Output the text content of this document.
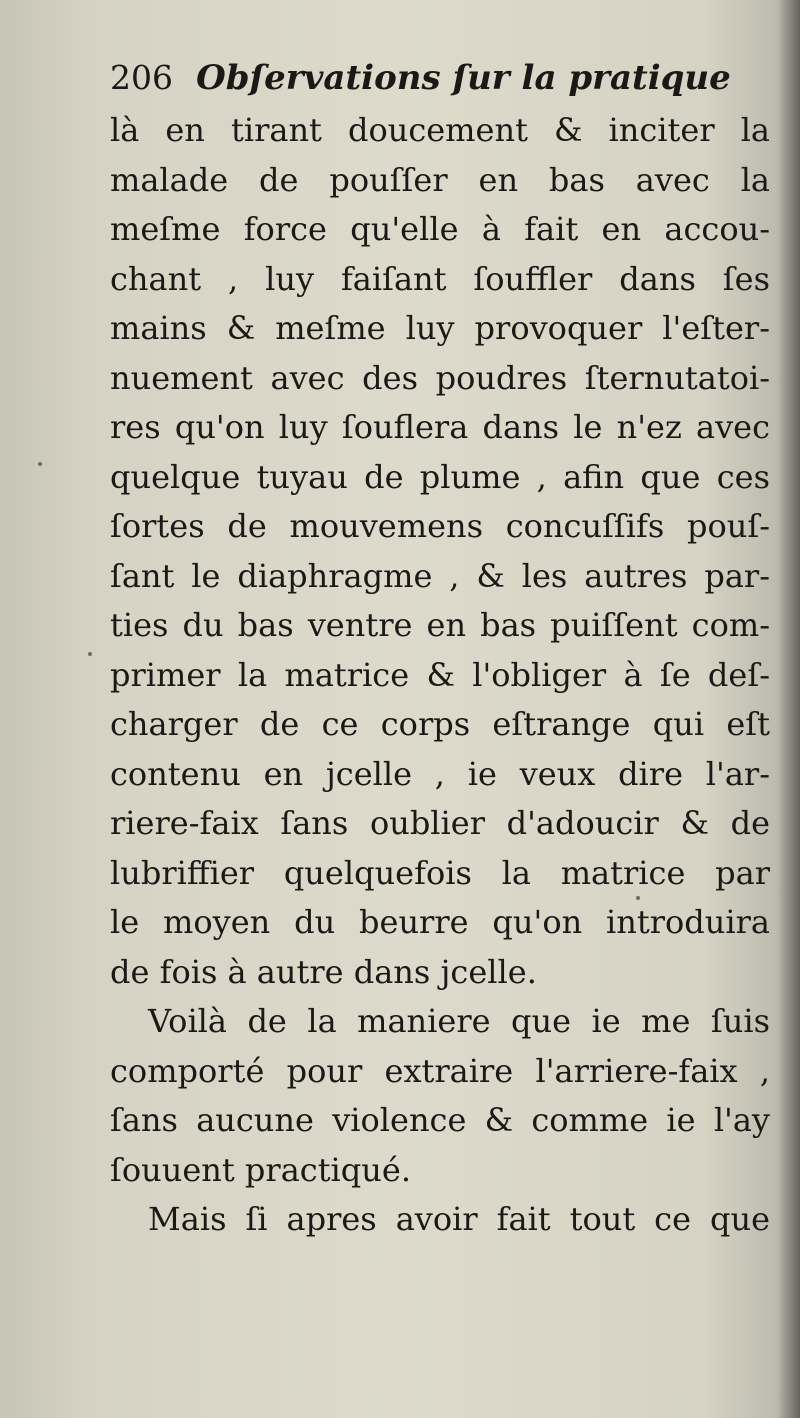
206 Obſervations ſur la pratique
là en tirant doucement & inciter la
malade de pouſſer en bas avec la
meſme force qu'elle à fait en accou-
chant , luy faiſant ſouffler dans ſes
mains & meſme luy provoquer l'eſter-
nuement avec des poudres ſternutatoi-
res qu'on luy ſouflera dans le n'ez avec
quelque tuyau de plume , afin que ces
ſortes de mouvemens concuſſifs pouſ-
ſant le diaphragme , & les autres par-
ties du bas ventre en bas puiſſent com-
primer la matrice & l'obliger à ſe deſ-
charger de ce corps eſtrange qui eſt
contenu en jcelle , ie veux dire l'ar-
riere-faix ſans oublier d'adoucir & de
lubriffier quelquefois la matrice par
le moyen du beurre qu'on introduira
de fois à autre dans jcelle.
Voilà de la maniere que ie me ſuis
comporté pour extraire l'arriere-faix ,
ſans aucune violence & comme ie l'ay
ſouuent practiqué.
Mais ſi apres avoir fait tout ce que
